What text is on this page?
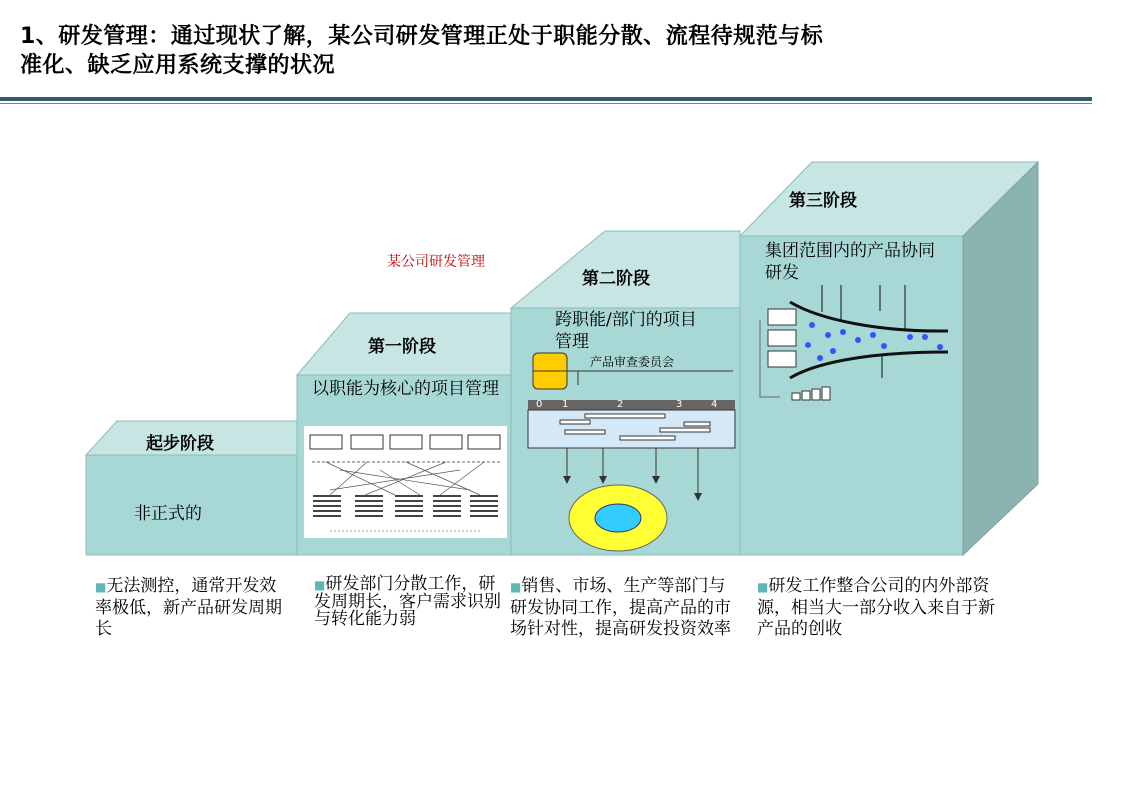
1、研发管理：通过现状了解，某公司研发管理正处于职能分散、流程待规范与标准化、缺乏应用系统支撑的状况
某公司研发管理
起步阶段
非正式的
第一阶段
以职能为核心的项目管理
第二阶段
跨职能/部门的项目管理
产品审查委员会
0 1	2	3	4
第三阶段
集团范围内的产品协同研发
■无法测控，通常开发效率极低，新产品研发周期长
■研发部门分散工作，研发周期长，客户需求识别与转化能力弱
■销售、市场、生产等部门与研发协同工作，提高产品的市场针对性，提高研发投资效率
■研发工作整合公司的内外部资源，相当大一部分收入来自于新产品的创收
